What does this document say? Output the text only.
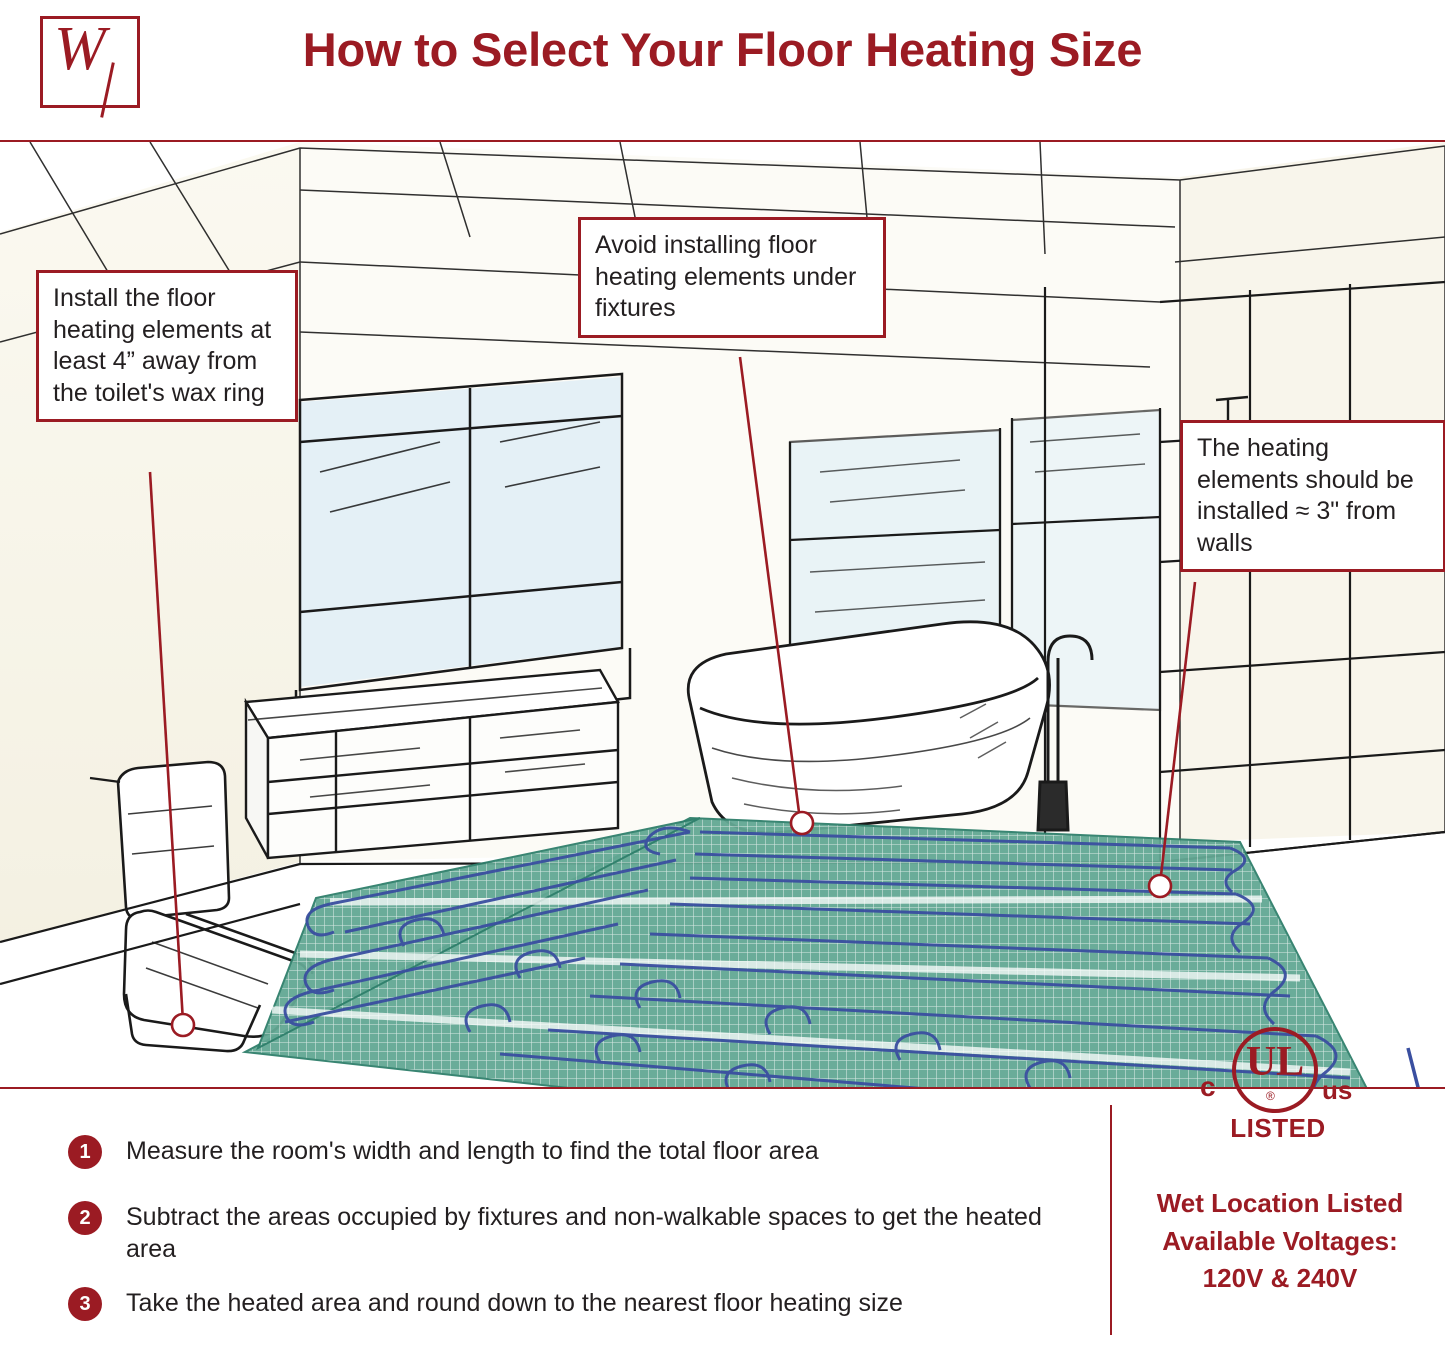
W	How to Select Your Floor Heating Size
Install the floor heating elements at least 4” away from the toilet's wax ring
Avoid installing floor heating elements under fixtures
The heating elements should be installed ≈ 3" from walls
1	Measure the room's width and length to find the total floor area
2	Subtract the areas occupied by fixtures and non-walkable spaces to get the heated area
3	Take the heated area and round down to the nearest floor heating size
c
UL
® us
LISTED
Wet Location Listed
Available Voltages:
120V & 240V
